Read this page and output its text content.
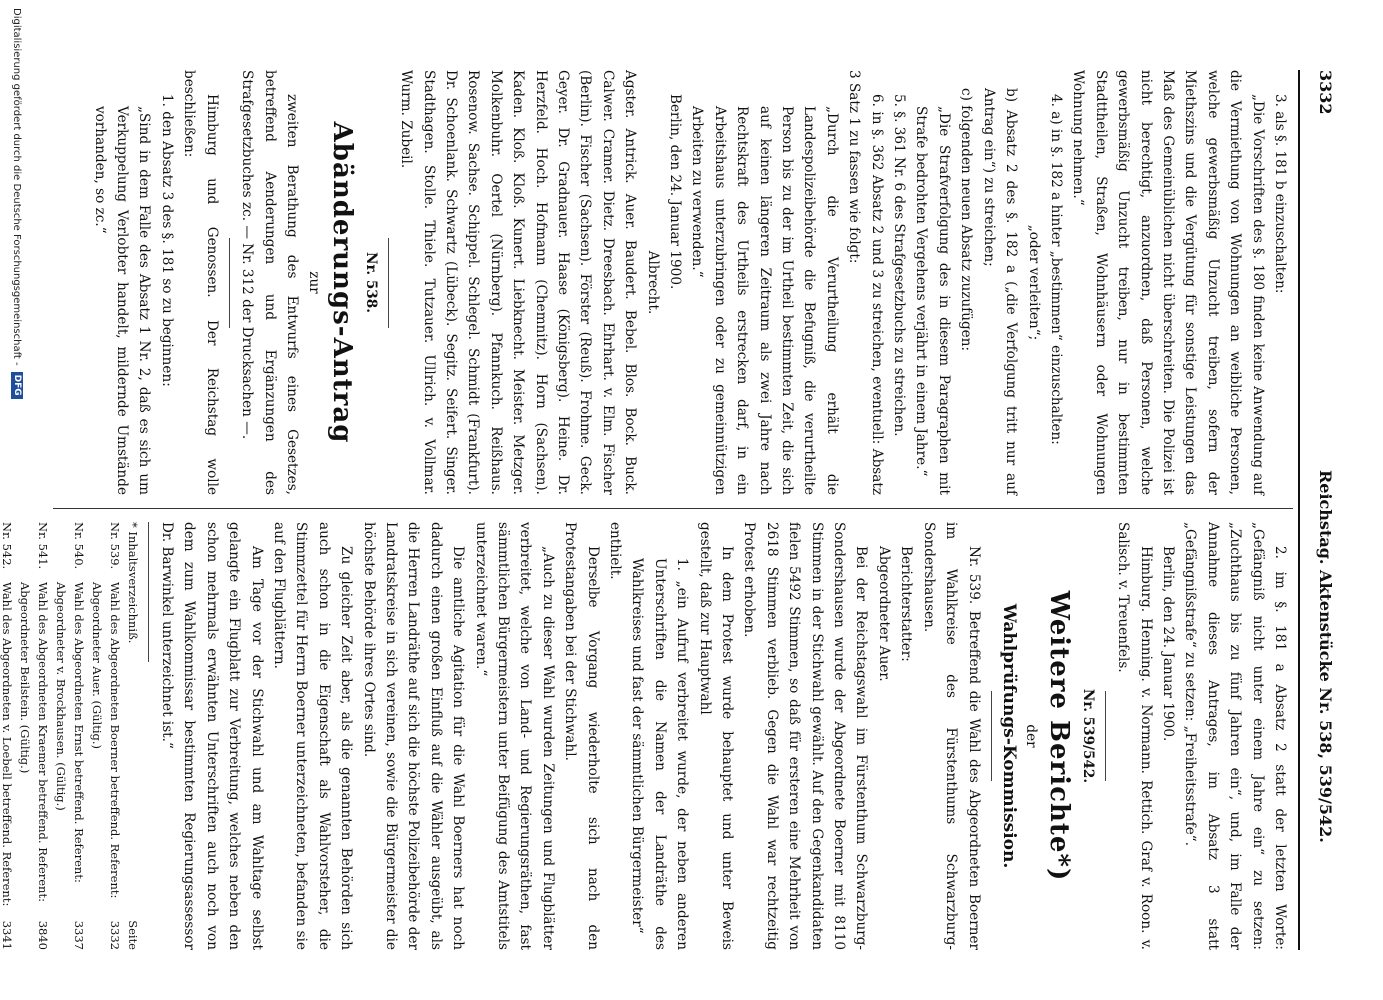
3332
Reichstag. Aktenstücke Nr. 538, 539/542.

3. als §. 181 b einzuschalten:

„Die Vorschriften des §. 180 finden keine Anwendung auf die Vermiethung von Wohnungen an weibliche Personen, welche gewerbsmäßig Unzucht treiben, sofern der Miethszins und die Vergütung für sonstige Leistungen das Maß des Gemeinüblichen nicht überschreiten. Die Polizei ist nicht berechtigt, anzuordnen, daß Personen, welche gewerbsmäßig Unzucht treiben, nur in bestimmten Stadttheilen, Straßen, Wohnhäusern oder Wohnungen Wohnung nehmen.“

4. a) in §. 182 a hinter „bestimmen“ einzuschalten:

„oder verleiten“;

b) Absatz 2 des §. 182 a („die Verfolgung tritt nur auf Antrag ein“) zu streichen;

c) folgenden neuen Absatz zuzufügen:

„Die Strafverfolgung des in diesem Paragraphen mit Strafe bedrohten Vergehens verjährt in einem Jahre.“

5. §. 361 Nr. 6 des Strafgesetzbuchs zu streichen.

6. in §. 362 Absatz 2 und 3 zu streichen, eventuell: Absatz 3 Satz 1 zu fassen wie folgt:

„Durch die Verurtheilung erhält die Landespolizeibehörde die Befugniß, die verurtheilte Person bis zu der im Urtheil bestimmten Zeit, die sich auf keinen längeren Zeitraum als zwei Jahre nach Rechtskraft des Urtheils erstrecken darf, in ein Arbeitshaus unterzubringen oder zu gemeinnützigen Arbeiten zu verwenden.“

Berlin, den 24. Januar 1900.

Albrecht.

Agster. Antrick. Auer. Baudert. Bebel. Blos. Bock. Buck. Calwer. Cramer. Dietz. Dreesbach. Ehrhart. v. Elm. Fischer (Berlin). Fischer (Sachsen). Förster (Reuß). Frohme. Geck. Geyer. Dr. Gradnauer. Haase (Königsberg). Heine. Dr. Herzfeld. Hoch. Hofmann (Chemnitz). Horn (Sachsen). Kaden. Kloß. Kloß. Kunert. Liebknecht. Meister. Metzger. Molkenbuhr. Oertel (Nürnberg). Pfannkuch. Reißhaus. Rosenow. Sachse. Schippel. Schlegel. Schmidt (Frankfurt). Dr. Schoenlank. Schwartz (Lübeck). Segitz. Seifert. Singer. Stadthagen. Stolle. Thiele. Tutzauer. Ullrich. v. Vollmar. Wurm. Zubeil.

Nr. 538.

Abänderungs-Antrag

zur

zweiten Berathung des Entwurfs eines Gesetzes, betreffend Aenderungen und Ergänzungen des Strafgesetzbuches zc. — Nr. 312 der Drucksachen —.

Himburg und Genossen. Der Reichstag wolle beschließen:

1. den Absatz 3 des §. 181 so zu beginnen:

„Sind in dem Falle des Absatz 1 Nr. 2, daß es sich um Verkuppelung Verlobter handelt, mildernde Umstände vorhanden, so zc.“

2. im §. 181 a Absatz 2 statt der letzten Worte: „Gefängniß nicht unter einem Jahre ein“ zu setzen: „Zuchthaus bis zu fünf Jahren ein“, und, im Falle der Annahme dieses Antrages, im Absatz 3 statt „Gefängnißstrafe“ zu setzen: „Freiheitsstrafe“.

Berlin, den 24. Januar 1900.

Himburg. Henning. v. Normann. Rettich. Graf v. Roon. v. Salisch. v. Treuenfels.

Nr. 539/542.

Weitere Berichte*)

der

Wahlprüfungs-Kommission.

Nr. 539. Betreffend die Wahl des Abgeordneten Boerner im Wahlkreise des Fürstenthums Schwarzburg-Sondershausen.

Berichterstatter:

Abgeordneter Auer.

Bei der Reichstagswahl im Fürstenthum Schwarzburg-Sondershausen wurde der Abgeordnete Boerner mit 8110 Stimmen in der Stichwahl gewählt. Auf den Gegenkandidaten fielen 5492 Stimmen, so daß für ersteren eine Mehrheit von 2618 Stimmen verblieb. Gegen die Wahl war rechtzeitig Protest erhoben.

In dem Protest wurde behauptet und unter Beweis gestellt, daß zur Hauptwahl

1. „ein Aufruf verbreitet wurde, der neben anderen Unterschriften die Namen der Landräthe des Wahlkreises und fast der sämmtlichen Bürgermeister“

enthielt.

Derselbe Vorgang wiederholte sich nach den Protestangaben bei der Stichwahl.

„Auch zu dieser Wahl wurden Zeitungen und Flugblätter verbreitet, welche von Land- und Regierungsräthen, fast sämmtlichen Bürgermeistern unter Beifügung des Amtstitels unterzeichnet waren.“

Die amtliche Agitation für die Wahl Boerners hat noch dadurch einen großen Einfluß auf die Wähler ausgeübt, als die Herren Landräthe auf sich die höchste Polizeibehörde der Landratskreise in sich vereinen, sowie die Bürgermeister die höchste Behörde ihres Ortes sind.

Zu gleicher Zeit aber, als die genannten Behörden sich auch schon in die Eigenschaft als Wahlvorsteher, die Stimmzettel für Herrn Boerner unterzeichneten, befanden sie auf den Flugblättern.

Am Tage vor der Stichwahl und am Wahltage selbst gelangte ein Flugblatt zur Verbreitung, welches neben den schon mehrmals erwähnten Unterschriften auch noch von dem zum Wahlkommissar bestimmten Regierungsassessor Dr. Barwinkel unterzeichnet ist.“

* Inhaltsverzeichniß.
Seite
Nr. 539.
Wahl des Abgeordneten Boerner betreffend. Referent: Abgeordneter Auer. (Gültig.)
3332
Nr. 540.
Wahl des Abgeordneten Ernst betreffend. Referent: Abgeordneter v. Brockhausen. (Gültig.)
3337
Nr. 541.
Wahl des Abgeordneten Kraemer betreffend. Referent: Abgeordneter Beilstein. (Gültig.)
3840
Nr. 542.
Wahl des Abgeordneten v. Loebell betreffend. Referent:
3341
Digitalisierung gefördert durch die Deutsche Forschungsgemeinschaft -
DFG
